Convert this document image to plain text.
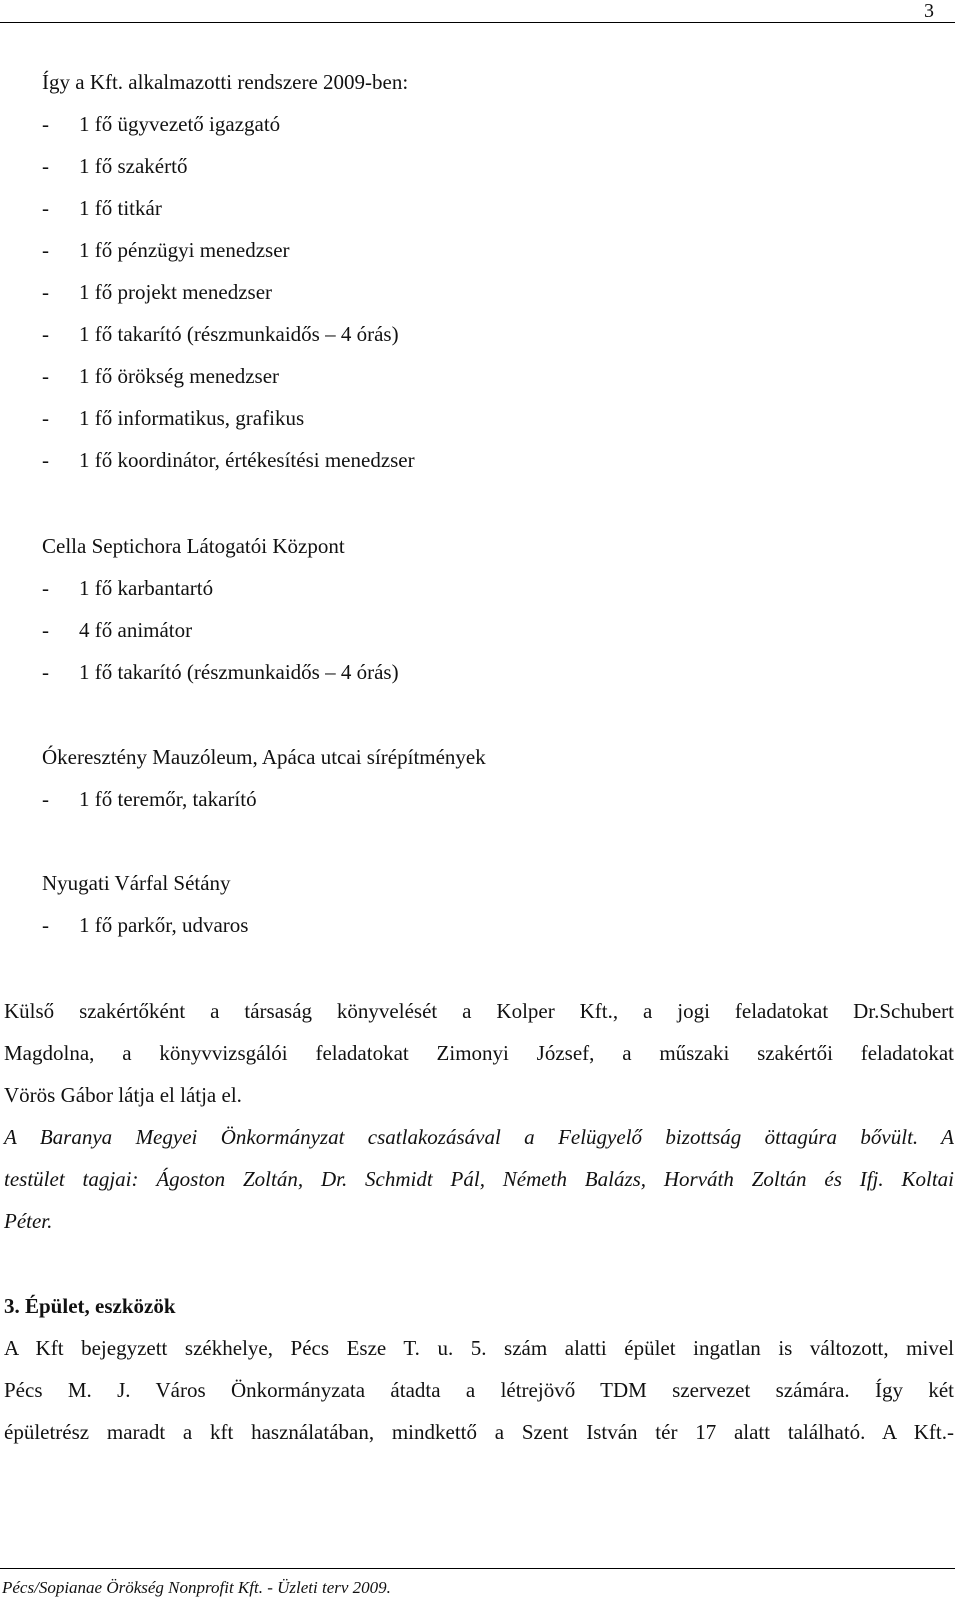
3
Így a Kft. alkalmazotti rendszere 2009-ben:
- 1 fő ügyvezető igazgató
- 1 fő szakértő
- 1 fő titkár
- 1 fő pénzügyi menedzser
- 1 fő projekt menedzser
- 1 fő takarító (részmunkaidős – 4 órás)
- 1 fő örökség menedzser
- 1 fő informatikus, grafikus
- 1 fő koordinátor, értékesítési menedzser
Cella Septichora Látogatói Központ
- 1 fő karbantartó
- 4 fő animátor
- 1 fő takarító (részmunkaidős – 4 órás)
Ókeresztény Mauzóleum, Apáca utcai sírépítmények
- 1 fő teremőr, takarító
Nyugati Várfal Sétány
- 1 fő parkőr, udvaros
Külső szakértőként a társaság könyvelését a Kolper Kft., a jogi feladatokat Dr.Schubert
Magdolna, a könyvvizsgálói feladatokat Zimonyi József, a műszaki szakértői feladatokat
Vörös Gábor látja el látja el.
A Baranya Megyei Önkormányzat csatlakozásával a Felügyelő bizottság öttagúra bővült. A
testület tagjai: Ágoston Zoltán, Dr. Schmidt Pál, Németh Balázs, Horváth Zoltán és Ifj. Koltai
Péter.
3. Épület, eszközök
A Kft bejegyzett székhelye, Pécs Esze T. u. 5. szám alatti épület ingatlan is változott, mivel
Pécs M. J. Város Önkormányzata átadta a létrejövő TDM szervezet számára. Így két
épületrész maradt a kft használatában, mindkettő a Szent István tér 17 alatt található. A Kft.-
Pécs/Sopianae Örökség Nonprofit Kft. - Üzleti terv 2009.
